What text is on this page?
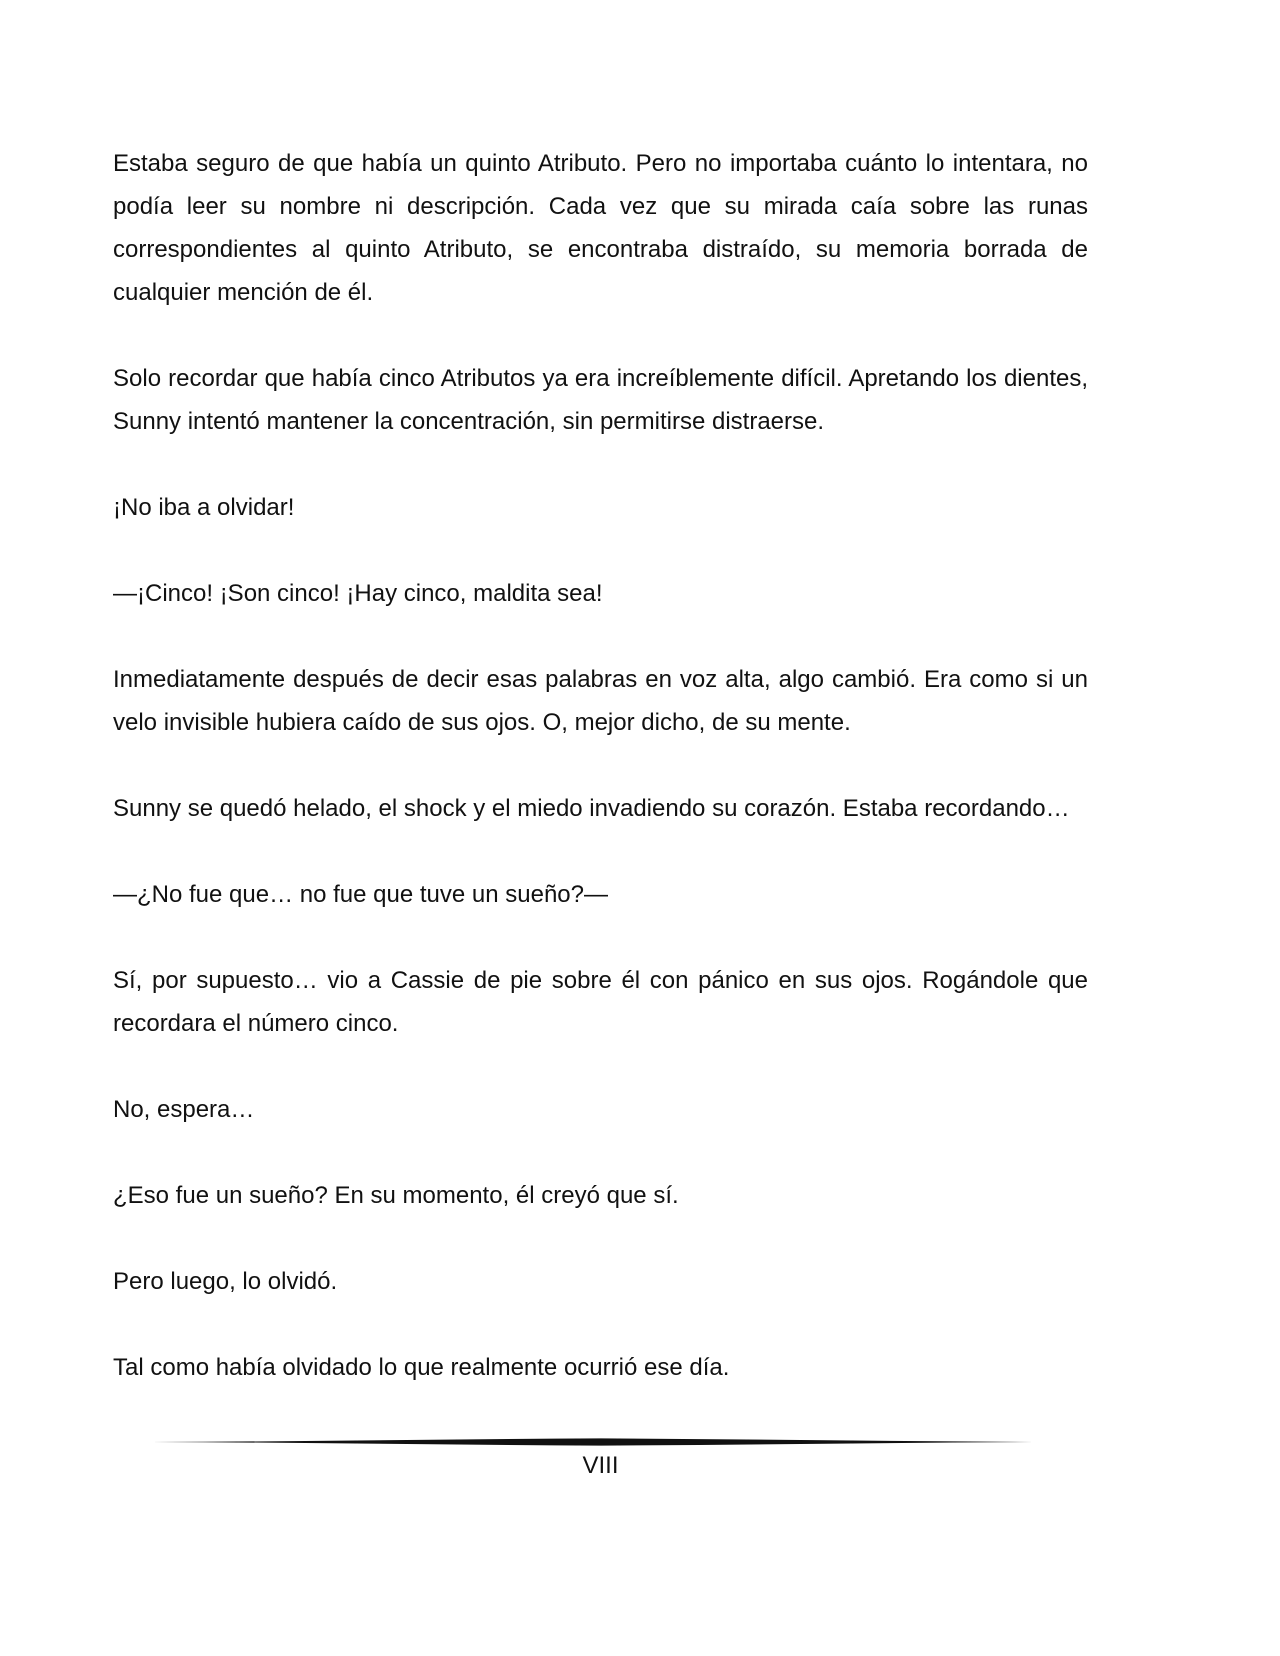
Estaba seguro de que había un quinto Atributo. Pero no importaba cuánto lo intentara, no podía leer su nombre ni descripción. Cada vez que su mirada caía sobre las runas correspondientes al quinto Atributo, se encontraba distraído, su memoria borrada de cualquier mención de él.

Solo recordar que había cinco Atributos ya era increíblemente difícil. Apretando los dientes, Sunny intentó mantener la concentración, sin permitirse distraerse.

¡No iba a olvidar!

—¡Cinco! ¡Son cinco! ¡Hay cinco, maldita sea!

Inmediatamente después de decir esas palabras en voz alta, algo cambió. Era como si un velo invisible hubiera caído de sus ojos. O, mejor dicho, de su mente.

Sunny se quedó helado, el shock y el miedo invadiendo su corazón. Estaba recordando…

—¿No fue que… no fue que tuve un sueño?—

Sí, por supuesto… vio a Cassie de pie sobre él con pánico en sus ojos. Rogándole que recordara el número cinco.

No, espera…

¿Eso fue un sueño? En su momento, él creyó que sí.

Pero luego, lo olvidó.

Tal como había olvidado lo que realmente ocurrió ese día.

VIII
